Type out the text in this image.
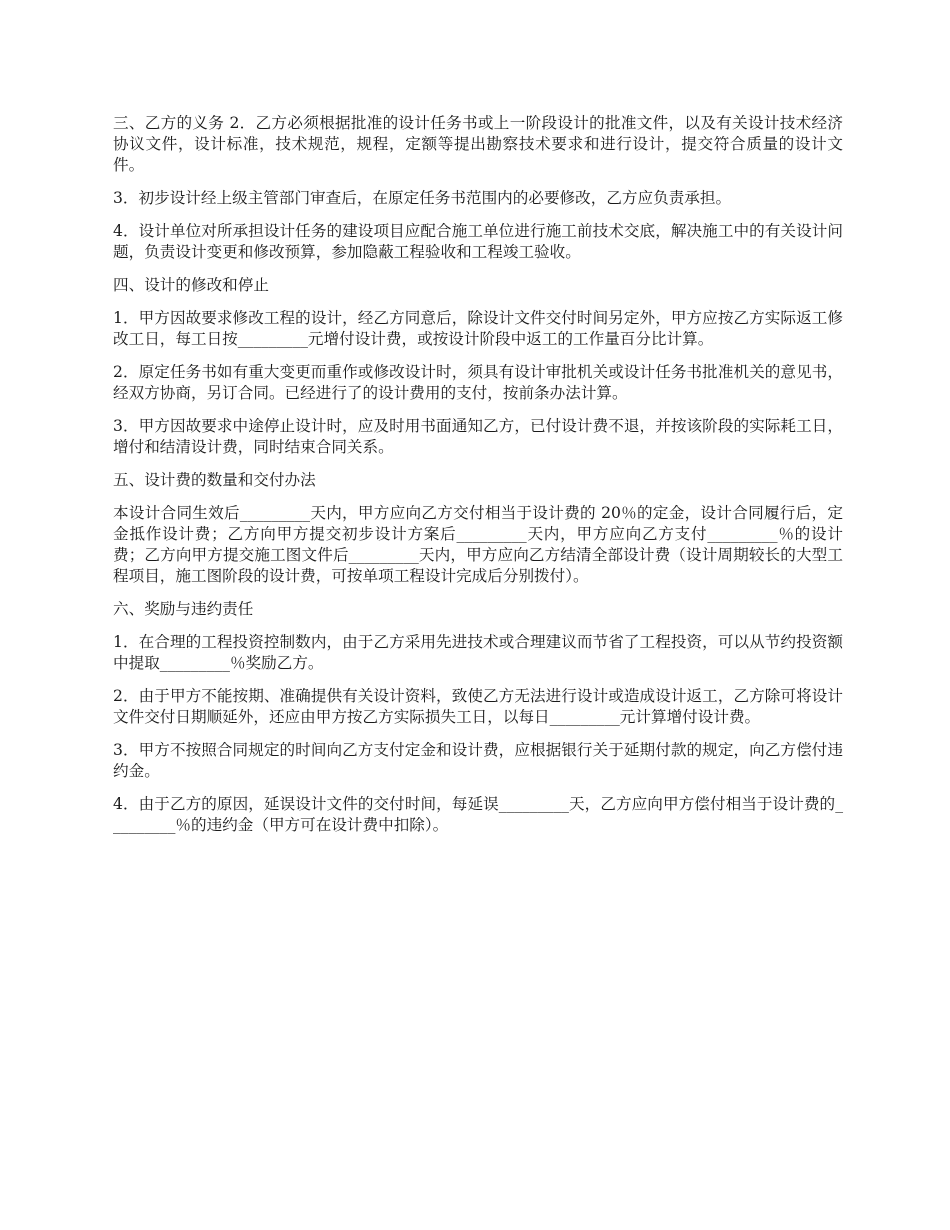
三、乙方的义务 2．乙方必须根据批准的设计任务书或上一阶段设计的批准文件，以及有关设计技术经济协议文件，设计标准，技术规范，规程，定额等提出勘察技术要求和进行设计，提交符合质量的设计文件。

3．初步设计经上级主管部门审查后，在原定任务书范围内的必要修改，乙方应负责承担。

4．设计单位对所承担设计任务的建设项目应配合施工单位进行施工前技术交底，解决施工中的有关设计问题，负责设计变更和修改预算，参加隐蔽工程验收和工程竣工验收。

四、设计的修改和停止

1．甲方因故要求修改工程的设计，经乙方同意后，除设计文件交付时间另定外，甲方应按乙方实际返工修改工日，每工日按_________元增付设计费，或按设计阶段中返工的工作量百分比计算。

2．原定任务书如有重大变更而重作或修改设计时，须具有设计审批机关或设计任务书批准机关的意见书，经双方协商，另订合同。已经进行了的设计费用的支付，按前条办法计算。

3．甲方因故要求中途停止设计时，应及时用书面通知乙方，已付设计费不退，并按该阶段的实际耗工日，增付和结清设计费，同时结束合同关系。

五、设计费的数量和交付办法

本设计合同生效后_________天内，甲方应向乙方交付相当于设计费的 20％的定金，设计合同履行后，定金抵作设计费；乙方向甲方提交初步设计方案后_________天内，甲方应向乙方支付_________％的设计费；乙方向甲方提交施工图文件后_________天内，甲方应向乙方结清全部设计费（设计周期较长的大型工程项目，施工图阶段的设计费，可按单项工程设计完成后分别拨付）。

六、奖励与违约责任

1．在合理的工程投资控制数内，由于乙方采用先进技术或合理建议而节省了工程投资，可以从节约投资额中提取_________％奖励乙方。

2．由于甲方不能按期、准确提供有关设计资料，致使乙方无法进行设计或造成设计返工，乙方除可将设计文件交付日期顺延外，还应由甲方按乙方实际损失工日，以每日_________元计算增付设计费。

3．甲方不按照合同规定的时间向乙方支付定金和设计费，应根据银行关于延期付款的规定，向乙方偿付违约金。

4．由于乙方的原因，延误设计文件的交付时间，每延误_________天，乙方应向甲方偿付相当于设计费的_________％的违约金（甲方可在设计费中扣除）。
